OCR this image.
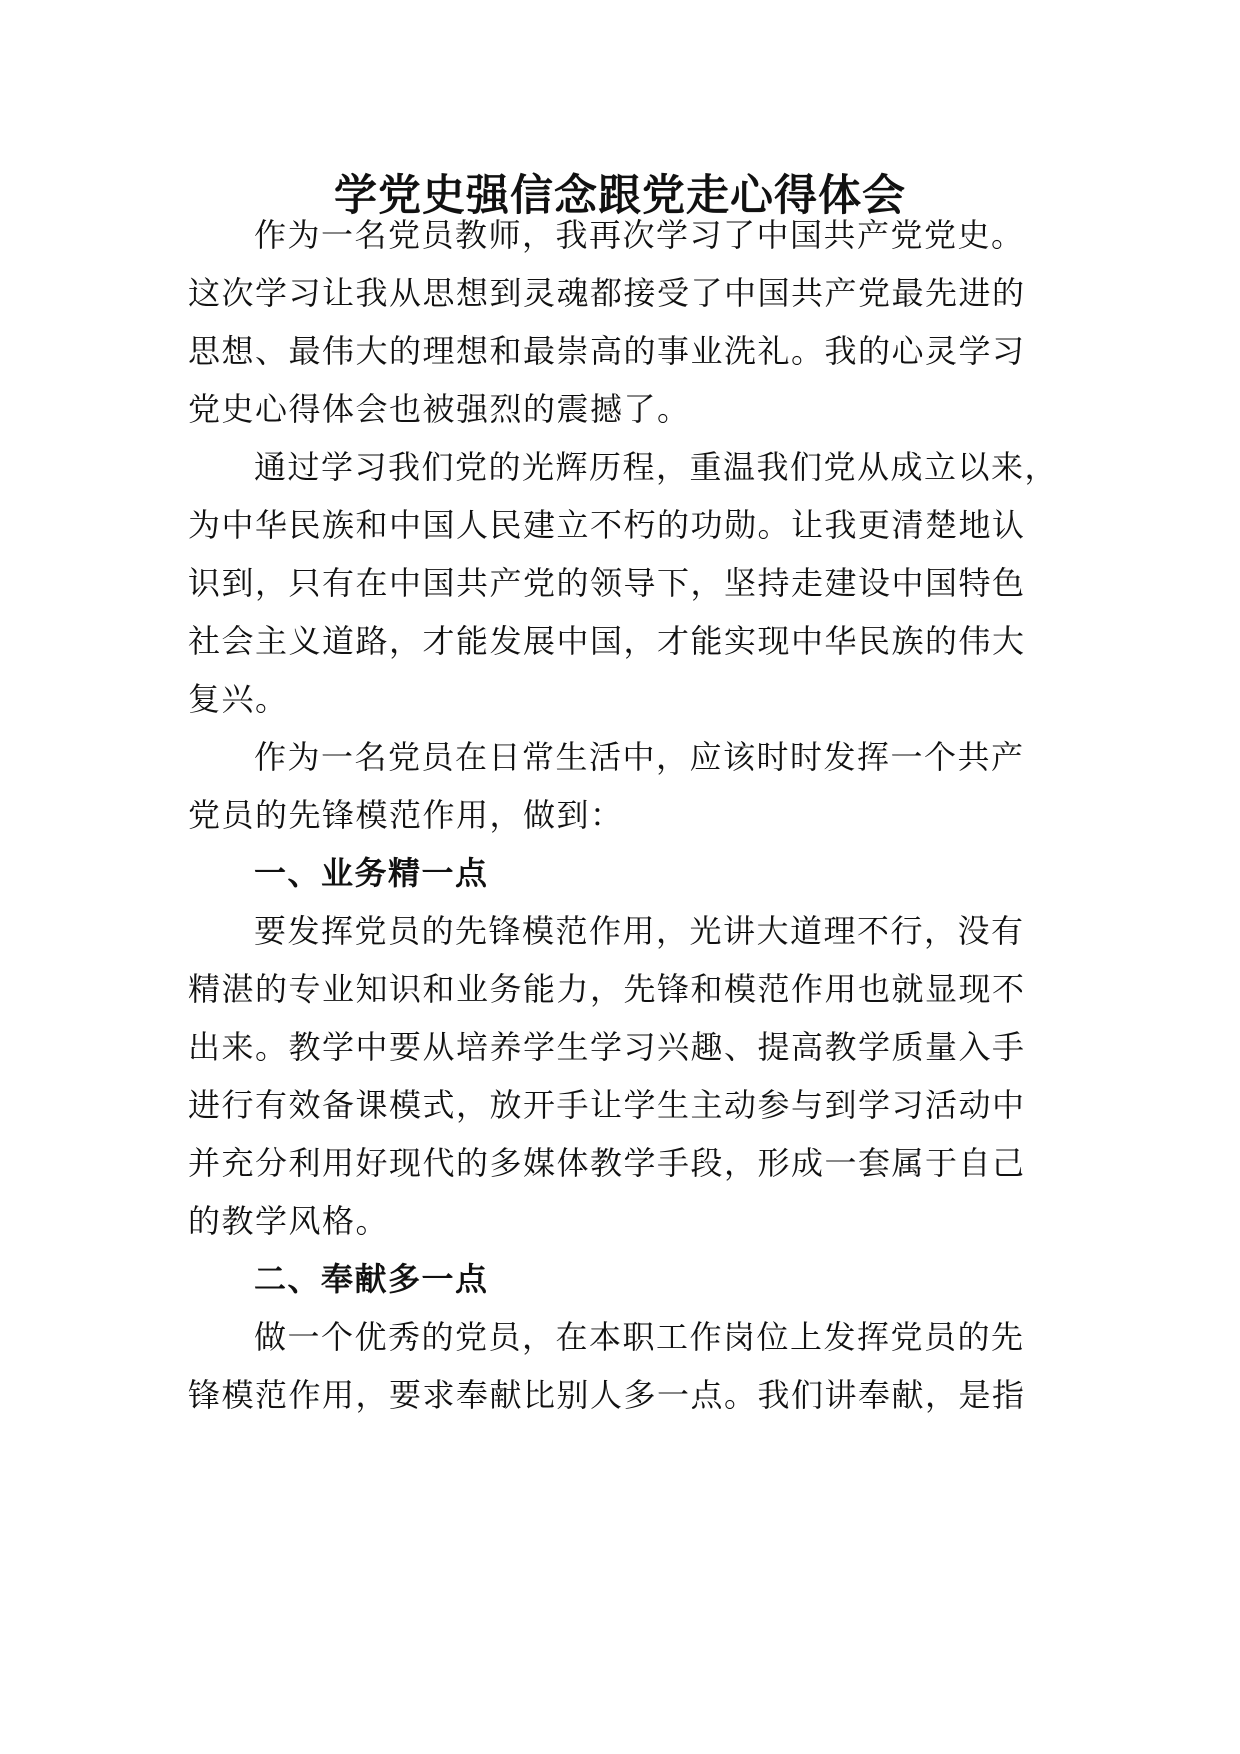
学党史强信念跟党走心得体会
作为一名党员教师，我再次学习了中国共产党党史。
这次学习让我从思想到灵魂都接受了中国共产党最先进的
思想、最伟大的理想和最崇高的事业洗礼。我的心灵学习
党史心得体会也被强烈的震撼了。
通过学习我们党的光辉历程，重温我们党从成立以来，
为中华民族和中国人民建立不朽的功勋。让我更清楚地认
识到，只有在中国共产党的领导下，坚持走建设中国特色
社会主义道路，才能发展中国，才能实现中华民族的伟大
复兴。
作为一名党员在日常生活中，应该时时发挥一个共产
党员的先锋模范作用，做到：
一、业务精一点
要发挥党员的先锋模范作用，光讲大道理不行，没有
精湛的专业知识和业务能力，先锋和模范作用也就显现不
出来。教学中要从培养学生学习兴趣、提高教学质量入手
进行有效备课模式，放开手让学生主动参与到学习活动中
并充分利用好现代的多媒体教学手段，形成一套属于自己
的教学风格。
二、奉献多一点
做一个优秀的党员，在本职工作岗位上发挥党员的先
锋模范作用，要求奉献比别人多一点。我们讲奉献，是指
